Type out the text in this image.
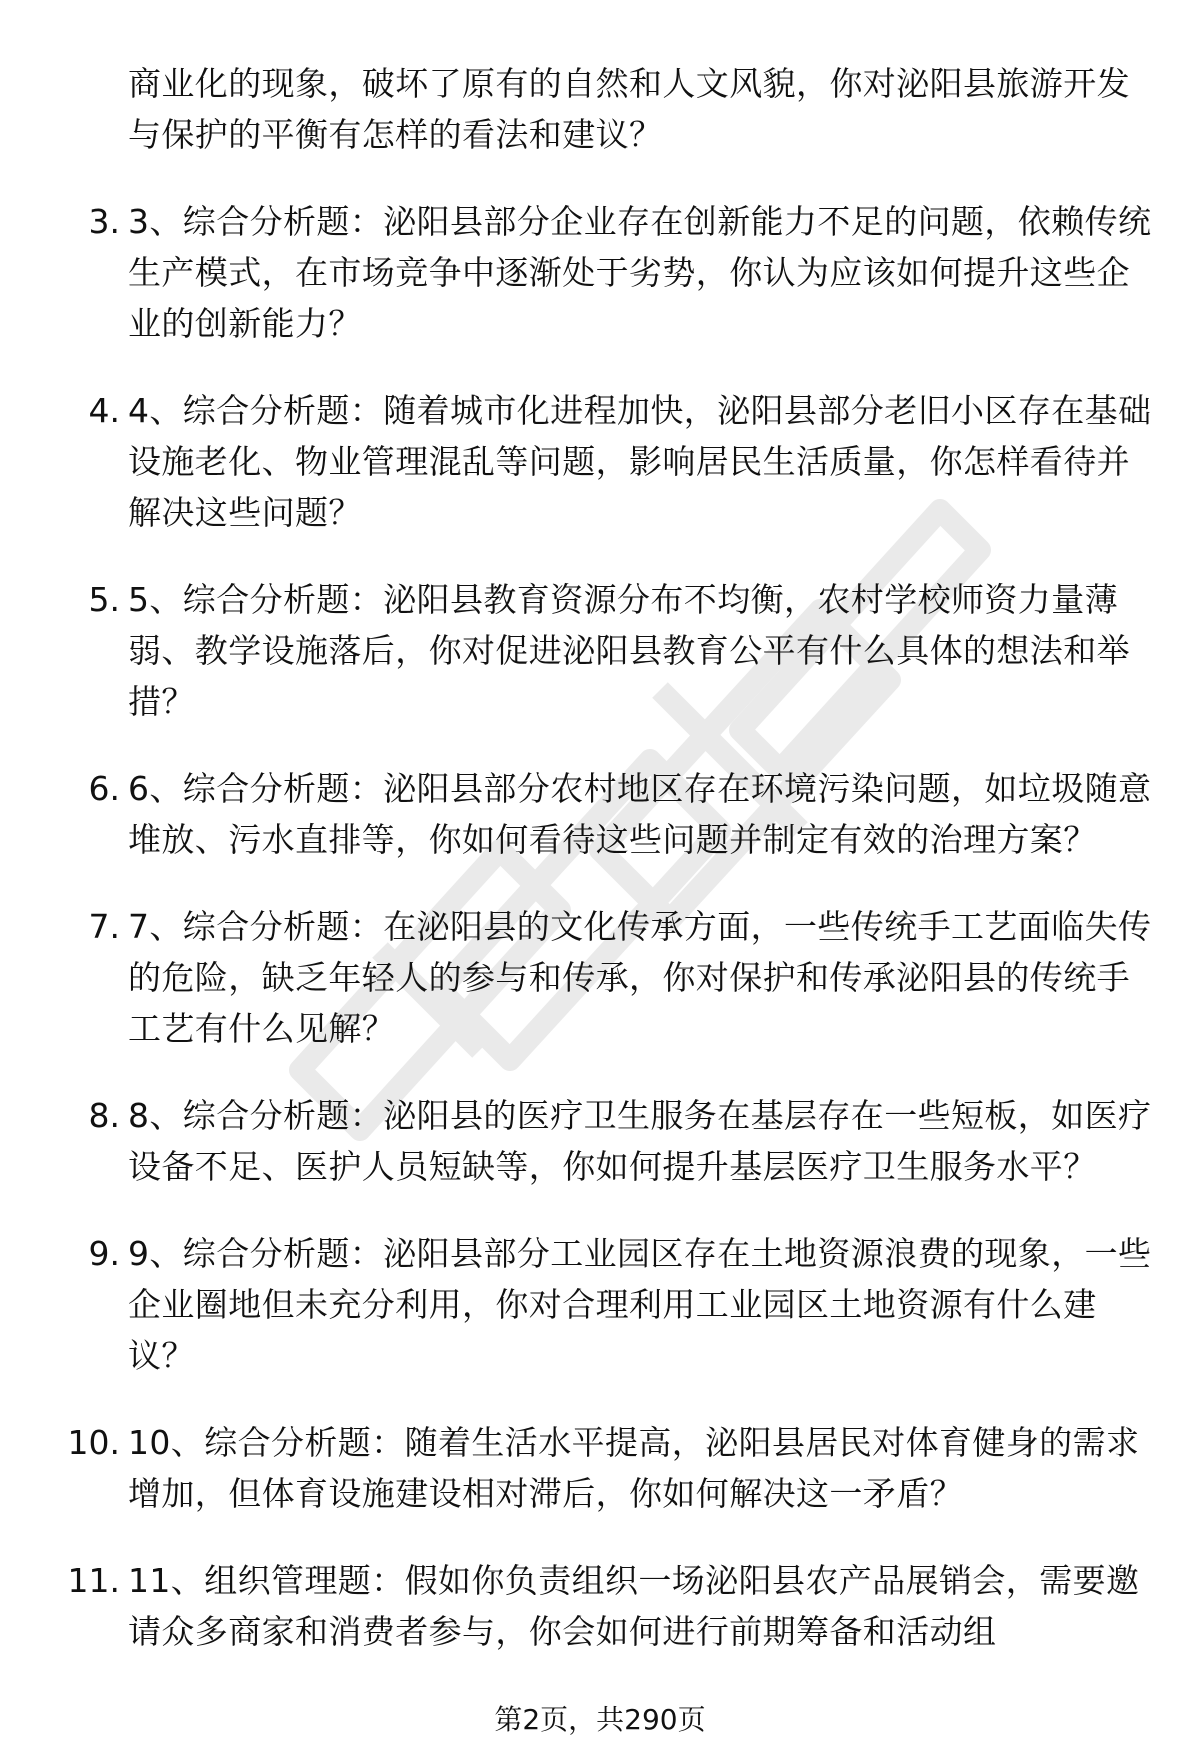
商业化的现象，破坏了原有的自然和人文风貌，你对泌阳县旅游开发与保护的平衡有怎样的看法和建议？
3. 3、综合分析题：泌阳县部分企业存在创新能力不足的问题，依赖传统生产模式，在市场竞争中逐渐处于劣势，你认为应该如何提升这些企业的创新能力？
4. 4、综合分析题：随着城市化进程加快，泌阳县部分老旧小区存在基础设施老化、物业管理混乱等问题，影响居民生活质量，你怎样看待并解决这些问题？
5. 5、综合分析题：泌阳县教育资源分布不均衡，农村学校师资力量薄弱、教学设施落后，你对促进泌阳县教育公平有什么具体的想法和举措？
6. 6、综合分析题：泌阳县部分农村地区存在环境污染问题，如垃圾随意堆放、污水直排等，你如何看待这些问题并制定有效的治理方案？
7. 7、综合分析题：在泌阳县的文化传承方面，一些传统手工艺面临失传的危险，缺乏年轻人的参与和传承，你对保护和传承泌阳县的传统手工艺有什么见解？
8. 8、综合分析题：泌阳县的医疗卫生服务在基层存在一些短板，如医疗设备不足、医护人员短缺等，你如何提升基层医疗卫生服务水平？
9. 9、综合分析题：泌阳县部分工业园区存在土地资源浪费的现象，一些企业圈地但未充分利用，你对合理利用工业园区土地资源有什么建议？
10. 10、综合分析题：随着生活水平提高，泌阳县居民对体育健身的需求增加，但体育设施建设相对滞后，你如何解决这一矛盾？
11. 11、组织管理题：假如你负责组织一场泌阳县农产品展销会，需要邀请众多商家和消费者参与，你会如何进行前期筹备和活动组
第2页，共290页
